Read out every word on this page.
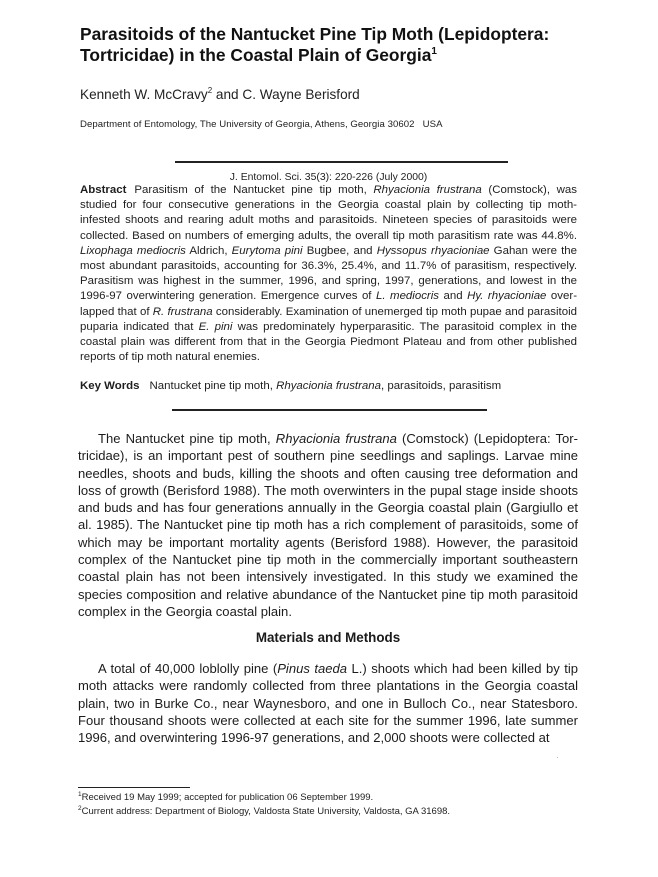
Parasitoids of the Nantucket Pine Tip Moth (Lepidoptera: Tortricidae) in the Coastal Plain of Georgia$^1$
Kenneth W. McCravy$^2$ and C. Wayne Berisford
Department of Entomology, The University of Georgia, Athens, Georgia 30602   USA
J. Entomol. Sci. 35(3): 220-226 (July 2000)
Abstract Parasitism of the Nantucket pine tip moth, Rhyacionia frustrana (Comstock), was studied for four consecutive generations in the Georgia coastal plain by collecting tip moth-infested shoots and rearing adult moths and parasitoids. Nineteen species of parasitoids were collected. Based on numbers of emerging adults, the overall tip moth parasitism rate was 44.8%. Lixophaga mediocris Aldrich, Eurytoma pini Bugbee, and Hyssopus rhyacioniae Gahan were the most abundant parasitoids, accounting for 36.3%, 25.4%, and 11.7% of parasitism, respectively. Parasitism was highest in the summer, 1996, and spring, 1997, generations, and lowest in the 1996-97 overwintering generation. Emergence curves of L. mediocris and Hy. rhyacioniae overlapped that of R. frustrana considerably. Examination of unemerged tip moth pupae and parasitoid puparia indicated that E. pini was predominately hyperparasitic. The parasitoid complex in the coastal plain was different from that in the Georgia Piedmont Plateau and from other published reports of tip moth natural enemies.
Key Words Nantucket pine tip moth, Rhyacionia frustrana, parasitoids, parasitism

The Nantucket pine tip moth, Rhyacionia frustrana (Comstock) (Lepidoptera: Tortricidae), is an important pest of southern pine seedlings and saplings. Larvae mine needles, shoots and buds, killing the shoots and often causing tree deformation and loss of growth (Berisford 1988). The moth overwinters in the pupal stage inside shoots and buds and has four generations annually in the Georgia coastal plain (Gargiullo et al. 1985). The Nantucket pine tip moth has a rich complement of parasitoids, some of which may be important mortality agents (Berisford 1988). However, the parasitoid complex of the Nantucket pine tip moth in the commercially important southeastern coastal plain has not been intensively investigated. In this study we examined the species composition and relative abundance of the Nantucket pine tip moth parasitoid complex in the Georgia coastal plain.

Materials and Methods

A total of 40,000 loblolly pine (Pinus taeda L.) shoots which had been killed by tip moth attacks were randomly collected from three plantations in the Georgia coastal plain, two in Burke Co., near Waynesboro, and one in Bulloch Co., near Statesboro. Four thousand shoots were collected at each site for the summer 1996, late summer 1996, and overwintering 1996-97 generations, and 2,000 shoots were collected at

$^1$Received 19 May 1999; accepted for publication 06 September 1999.
$^2$Current address: Department of Biology, Valdosta State University, Valdosta, GA 31698.
